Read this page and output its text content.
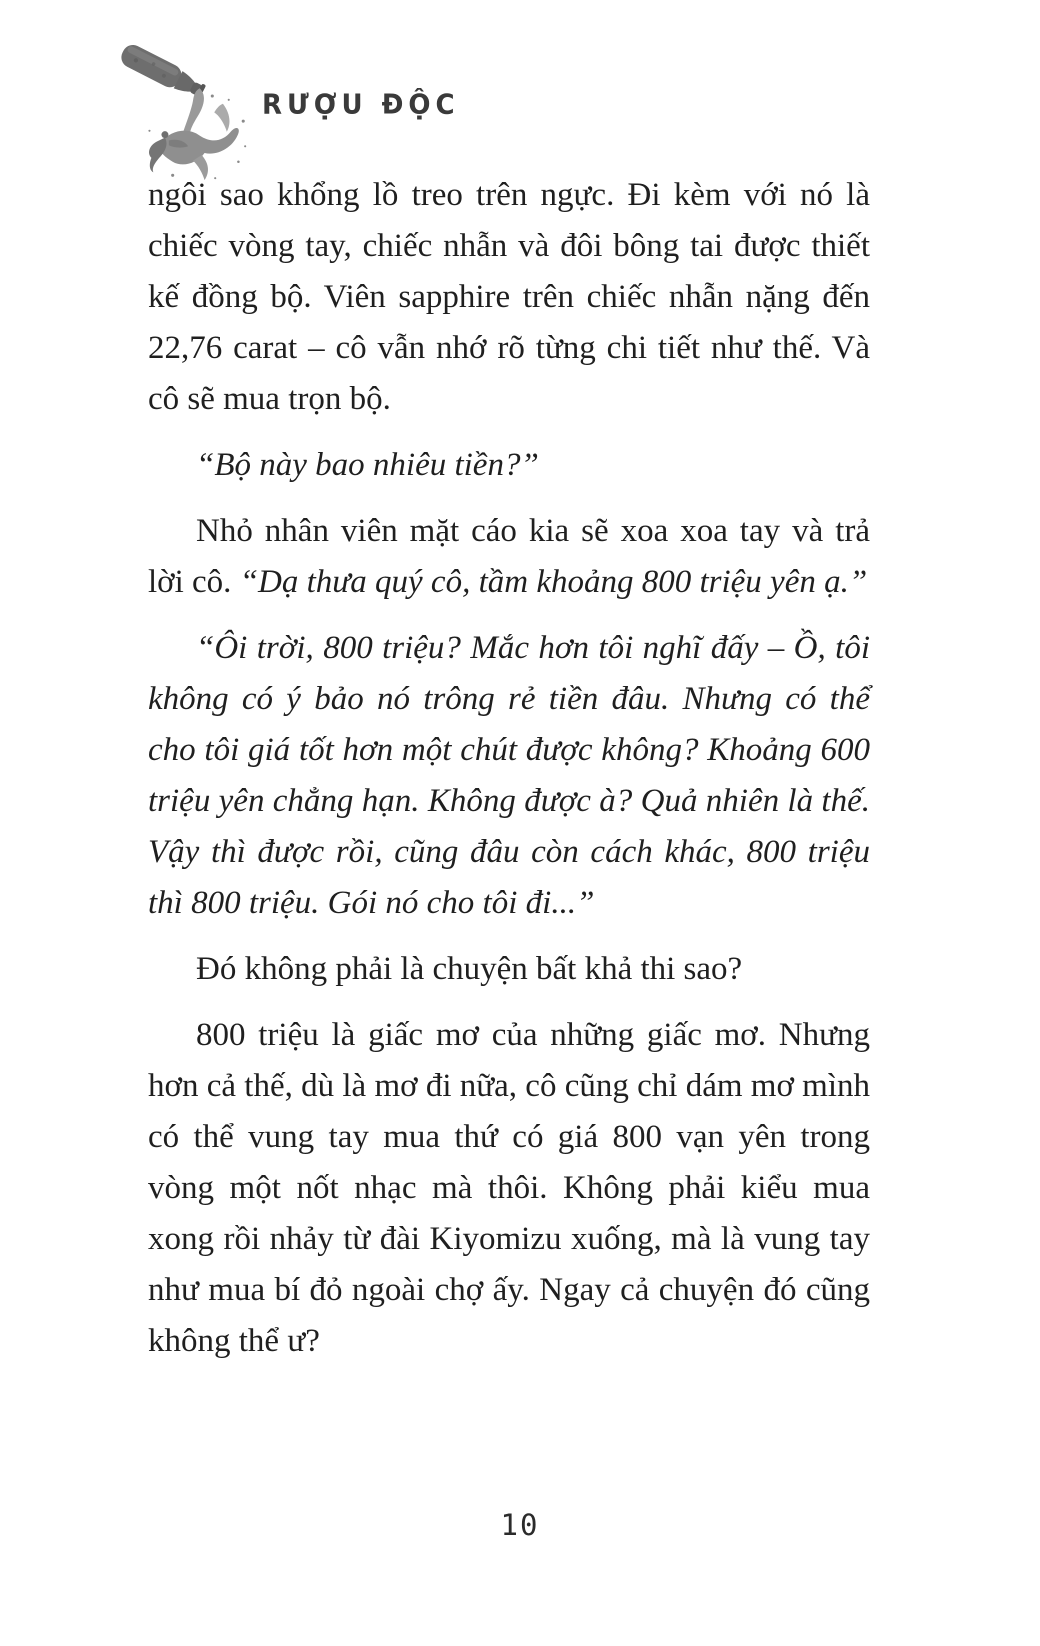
RƯỢU ĐỘC

ngôi sao khổng lồ treo trên ngực. Đi kèm với nó là chiếc vòng tay, chiếc nhẫn và đôi bông tai được thiết kế đồng bộ. Viên sapphire trên chiếc nhẫn nặng đến 22,76 carat – cô vẫn nhớ rõ từng chi tiết như thế. Và cô sẽ mua trọn bộ.

“Bộ này bao nhiêu tiền?”

Nhỏ nhân viên mặt cáo kia sẽ xoa xoa tay và trả lời cô. “Dạ thưa quý cô, tầm khoảng 800 triệu yên ạ.”

“Ôi trời, 800 triệu? Mắc hơn tôi nghĩ đấy – Ồ, tôi không có ý bảo nó trông rẻ tiền đâu. Nhưng có thể cho tôi giá tốt hơn một chút được không? Khoảng 600 triệu yên chẳng hạn. Không được à? Quả nhiên là thế. Vậy thì được rồi, cũng đâu còn cách khác, 800 triệu thì 800 triệu. Gói nó cho tôi đi...”

Đó không phải là chuyện bất khả thi sao?

800 triệu là giấc mơ của những giấc mơ. Nhưng hơn cả thế, dù là mơ đi nữa, cô cũng chỉ dám mơ mình có thể vung tay mua thứ có giá 800 vạn yên trong vòng một nốt nhạc mà thôi. Không phải kiểu mua xong rồi nhảy từ đài Kiyomizu xuống, mà là vung tay như mua bí đỏ ngoài chợ ấy. Ngay cả chuyện đó cũng không thể ư?

10
